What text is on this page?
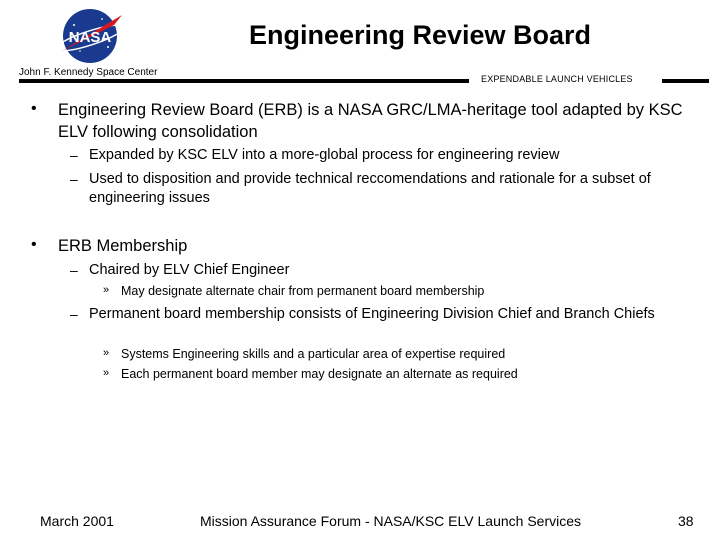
NASA	Engineering Review Board
John F. Kennedy Space Center
EXPENDABLE LAUNCH VEHICLES
• Engineering Review Board (ERB) is a NASA GRC/LMA-heritage tool adapted by KSC ELV following consolidation
– Expanded by KSC ELV into a more-global process for engineering review
– Used to disposition and provide technical reccomendations and rationale for a subset of engineering issues
• ERB Membership
– Chaired by ELV Chief Engineer
» May designate alternate chair from permanent board membership
– Permanent board membership consists of Engineering Division Chief and Branch Chiefs
» Systems Engineering skills and a particular area of expertise required
» Each permanent board member may designate an alternate as required
March 2001	Mission Assurance Forum - NASA/KSC ELV Launch Services	38
